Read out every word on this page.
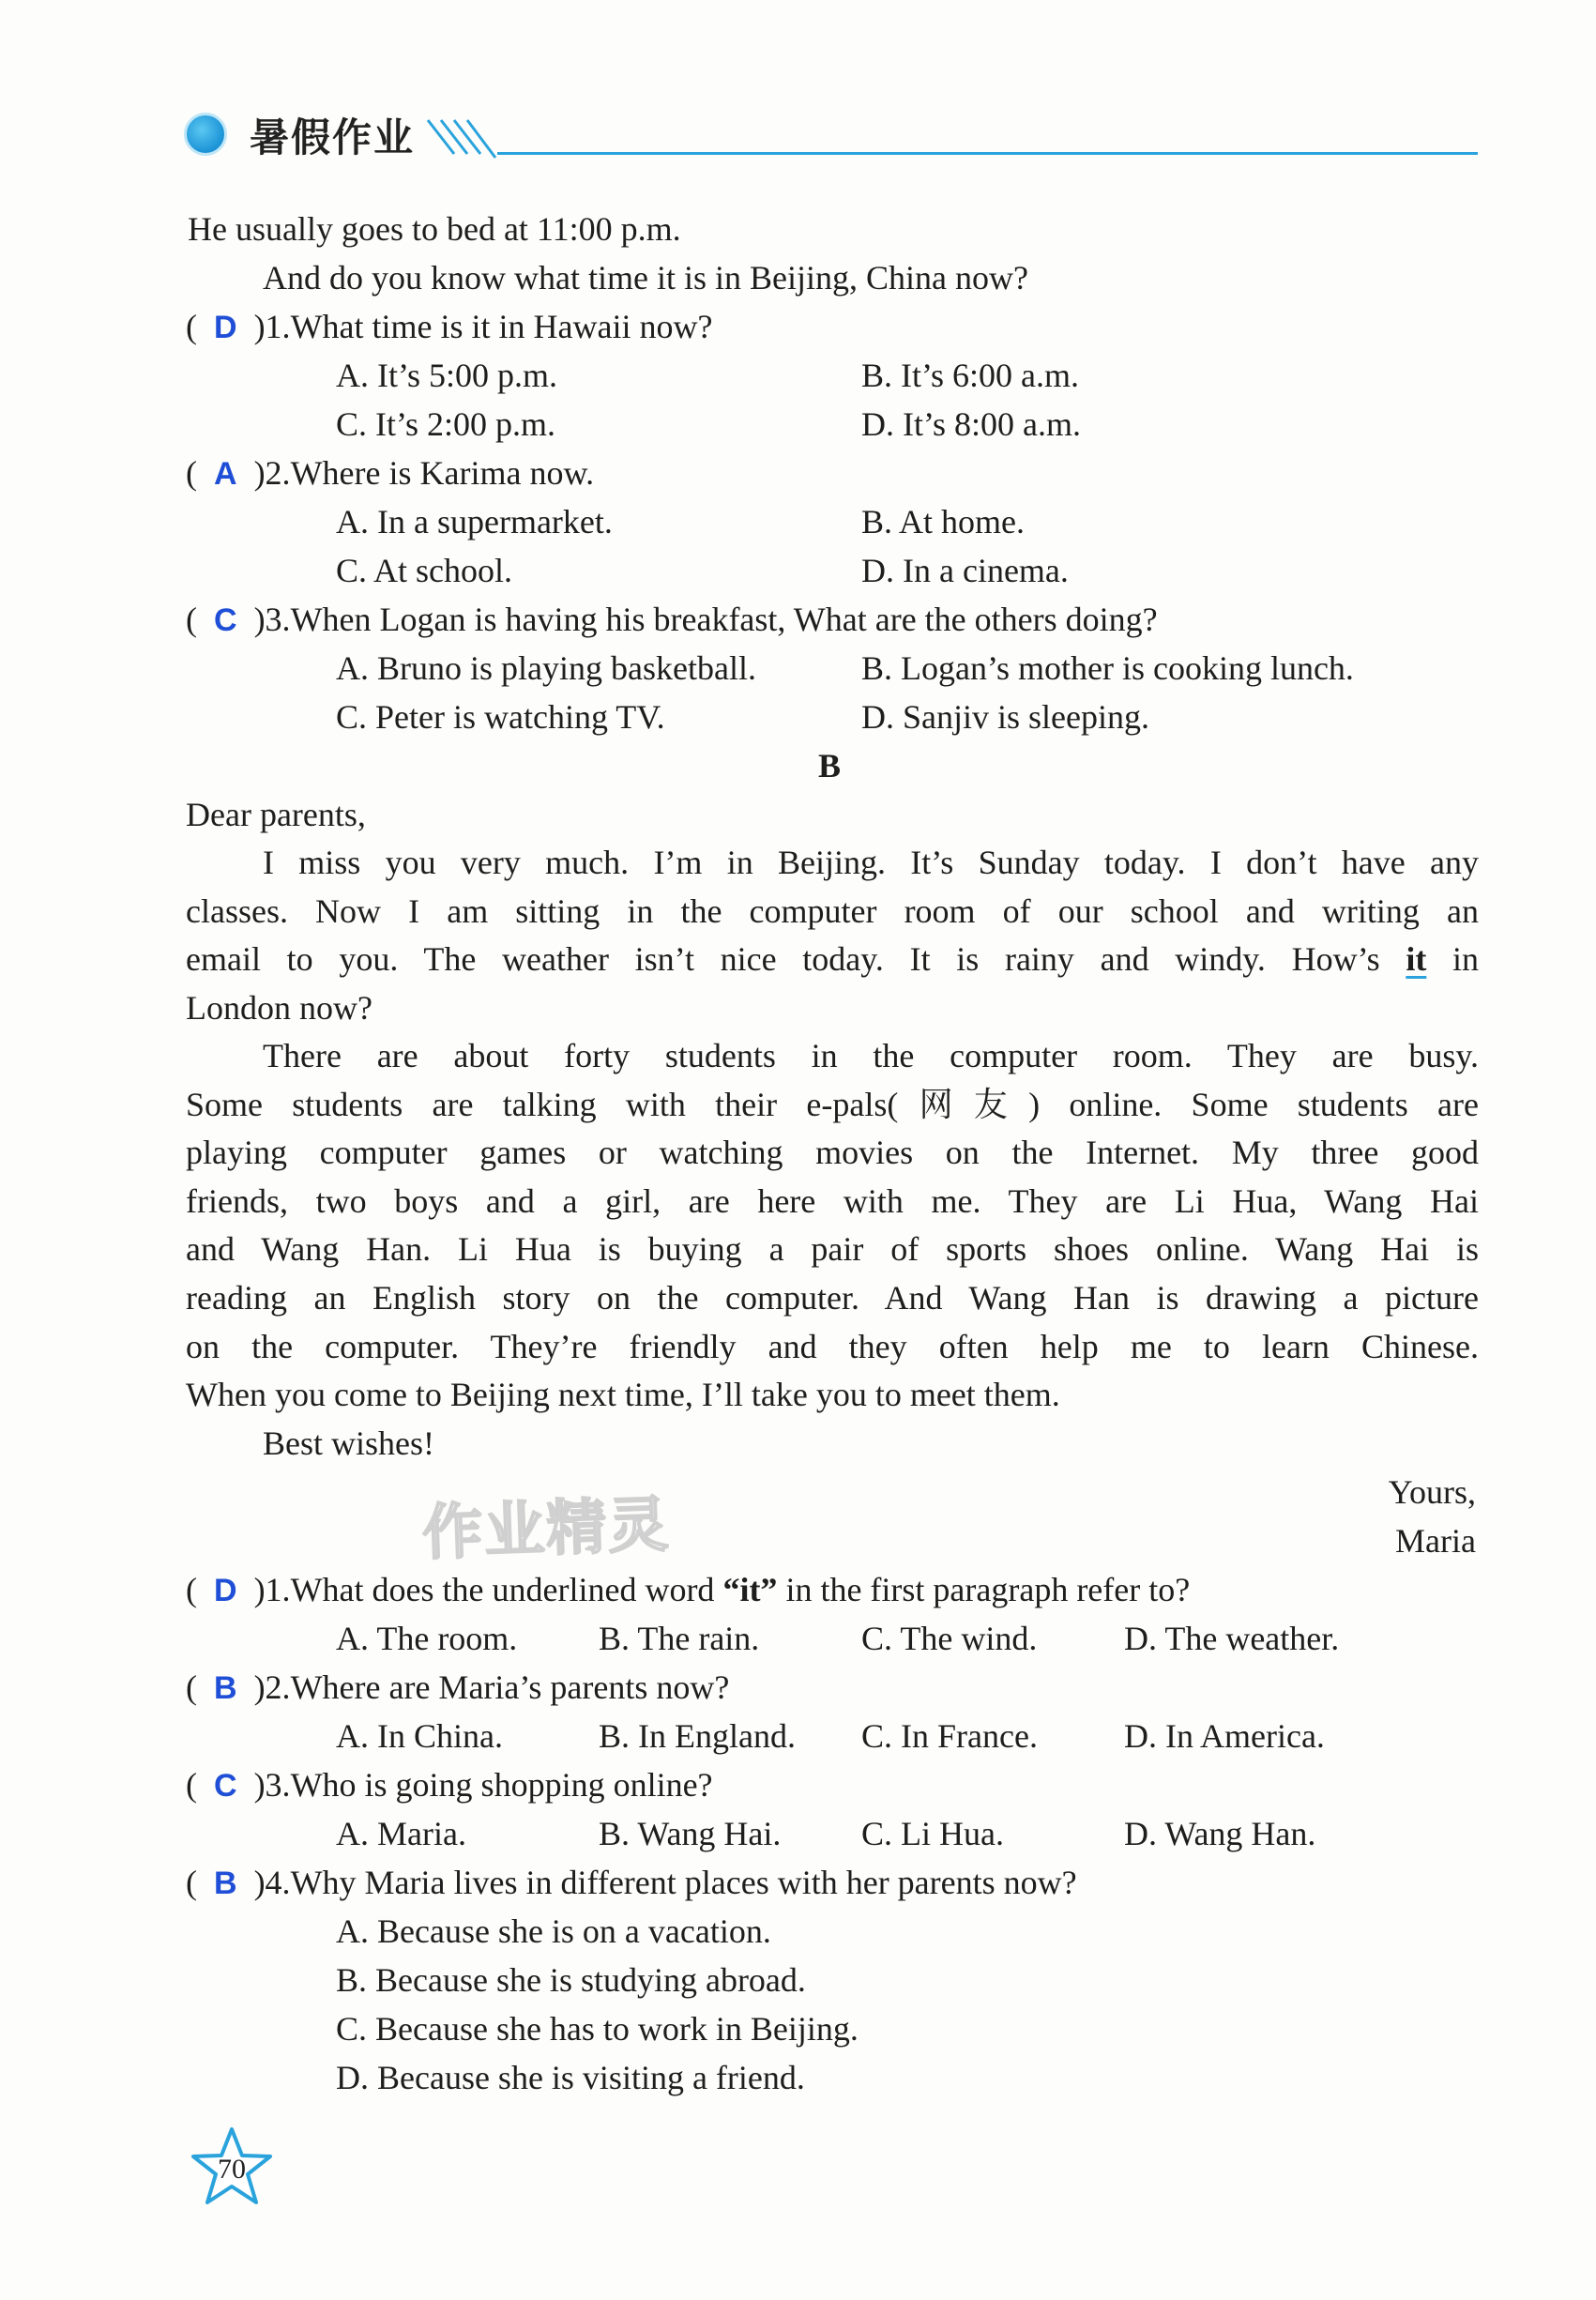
暑假作业
He usually goes to bed at 11:00 p.m.
And do you know what time it is in Beijing, China now?
(  D )1.What time is it in Hawaii now?
A. It’s 5:00 p.m.	B. It’s 6:00 a.m.
C. It’s 2:00 p.m.	D. It’s 8:00 a.m.
(  A )2.Where is Karima now.
A. In a supermarket.	B. At home.
C. At school.	D. In a cinema.
(  C )3.When Logan is having his breakfast, What are the others doing?
A. Bruno is playing basketball.	B. Logan’s mother is cooking lunch.
C. Peter is watching TV.	D. Sanjiv is sleeping.
B
Dear parents,
I miss you very much. I’m in Beijing. It’s Sunday today. I don’t have any
classes. Now I am sitting in the computer room of our school and writing an
email to you. The weather isn’t nice today. It is rainy and windy. How’s it in
London now?
There are about forty students in the computer room. They are busy.
Some students are talking with their e-pals(网友) online. Some students are
playing computer games or watching movies on the Internet. My three good
friends, two boys and a girl, are here with me. They are Li Hua, Wang Hai
and Wang Han. Li Hua is buying a pair of sports shoes online. Wang Hai is
reading an English story on the computer. And Wang Han is drawing a picture
on the computer. They’re friendly and they often help me to learn Chinese.
When you come to Beijing next time, I’ll take you to meet them.
Best wishes!
Yours,
Maria
作业精灵
(  D )1.What does the underlined word “it” in the first paragraph refer to?
A. The room. B. The rain.	C. The wind.	D. The weather.
(  B )2.Where are Maria’s parents now?
A. In China.	B. In England. C. In France.	D. In America.
(  C )3.Who is going shopping online?
A. Maria.	B. Wang Hai. C. Li Hua.	D. Wang Han.
(  B )4.Why Maria lives in different places with her parents now?
A. Because she is on a vacation.
B. Because she is studying abroad.
C. Because she has to work in Beijing.
D. Because she is visiting a friend.
70
